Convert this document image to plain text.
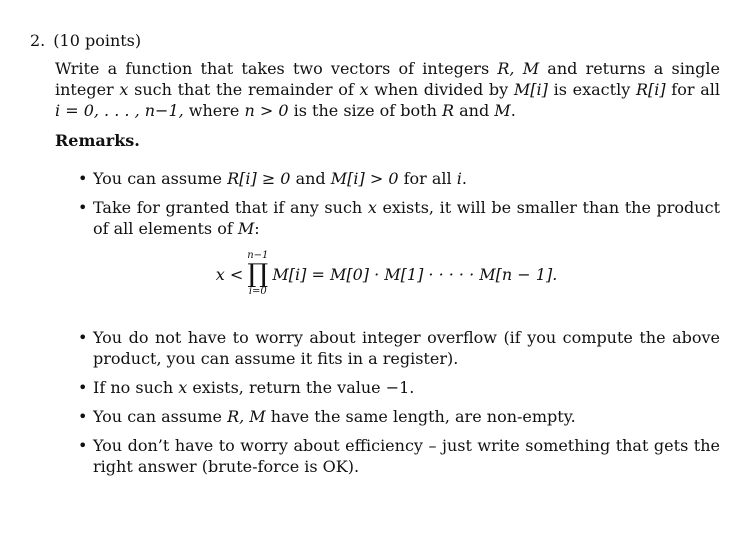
2. (10 points)
Write a function that takes two vectors of integers R, M and returns a single integer x such that the remainder of x when divided by M[i] is exactly R[i] for all i = 0, . . . , n−1, where n > 0 is the size of both R and M.
Remarks.
• You can assume R[i] ≥ 0 and M[i] > 0 for all i.
• Take for granted that if any such x exists, it will be smaller than the product of all elements of M:
x <
n−1
∏
i=0
M[i] = M[0] · M[1] · · · · · M[n − 1].
• You do not have to worry about integer overflow (if you compute the above product, you can assume it fits in a register).
• If no such x exists, return the value −1.
• You can assume R, M have the same length, are non-empty.
• You don’t have to worry about efficiency – just write something that gets the right answer (brute-force is OK).
